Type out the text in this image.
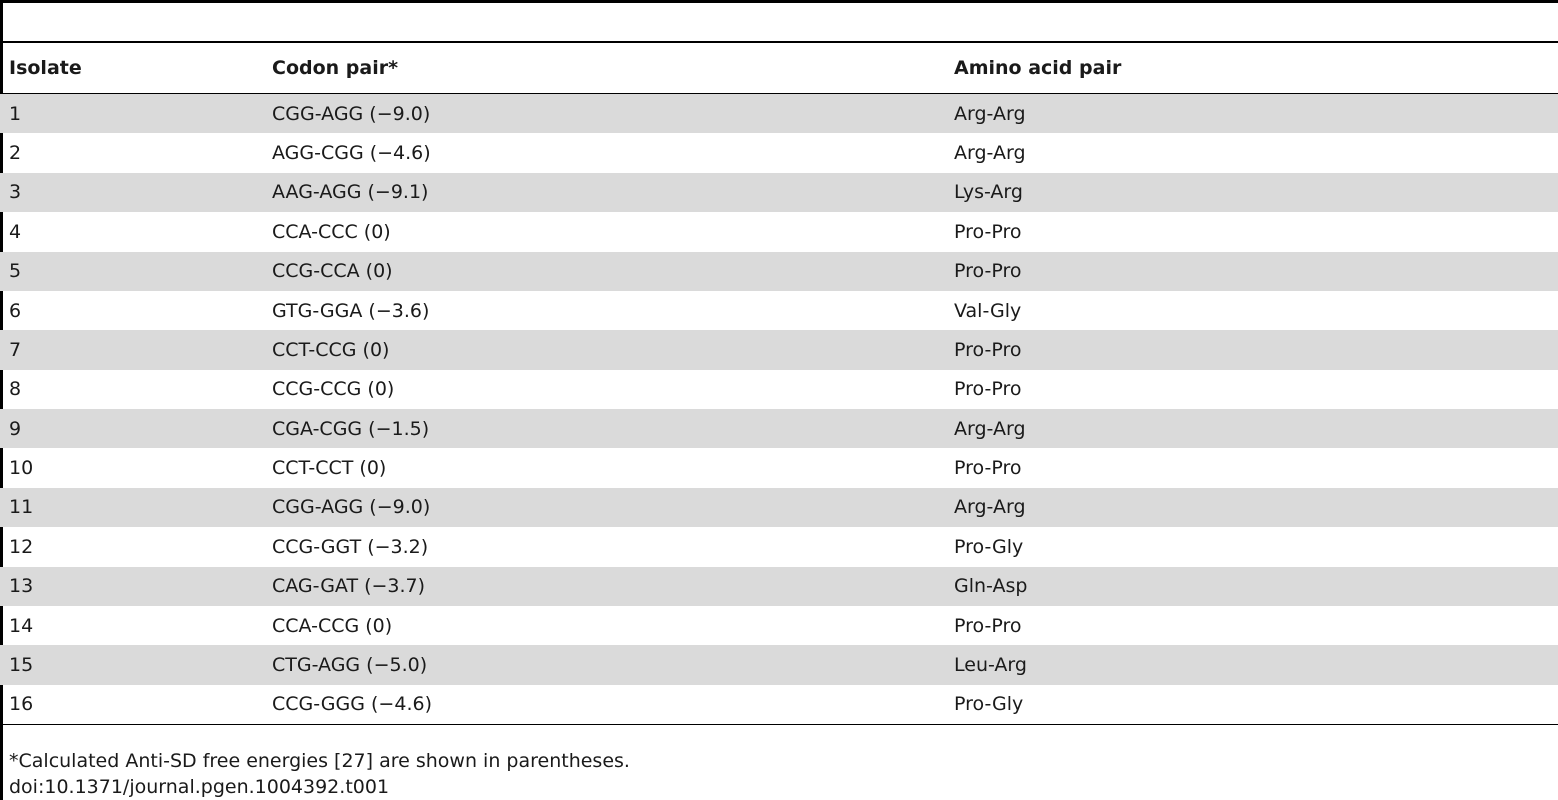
Isolate	Codon pair*	Amino acid pair
1	CGG-AGG (−9.0)	Arg-Arg
2	AGG-CGG (−4.6)	Arg-Arg
3	AAG-AGG (−9.1)	Lys-Arg
4	CCA-CCC (0)	Pro-Pro
5	CCG-CCA (0)	Pro-Pro
6	GTG-GGA (−3.6)	Val-Gly
7	CCT-CCG (0)	Pro-Pro
8	CCG-CCG (0)	Pro-Pro
9	CGA-CGG (−1.5)	Arg-Arg
10	CCT-CCT (0)	Pro-Pro
11	CGG-AGG (−9.0)	Arg-Arg
12	CCG-GGT (−3.2)	Pro-Gly
13	CAG-GAT (−3.7)	Gln-Asp
14	CCA-CCG (0)	Pro-Pro
15	CTG-AGG (−5.0)	Leu-Arg
16	CCG-GGG (−4.6)	Pro-Gly
*Calculated Anti-SD free energies [27] are shown in parentheses.
doi:10.1371/journal.pgen.1004392.t001
